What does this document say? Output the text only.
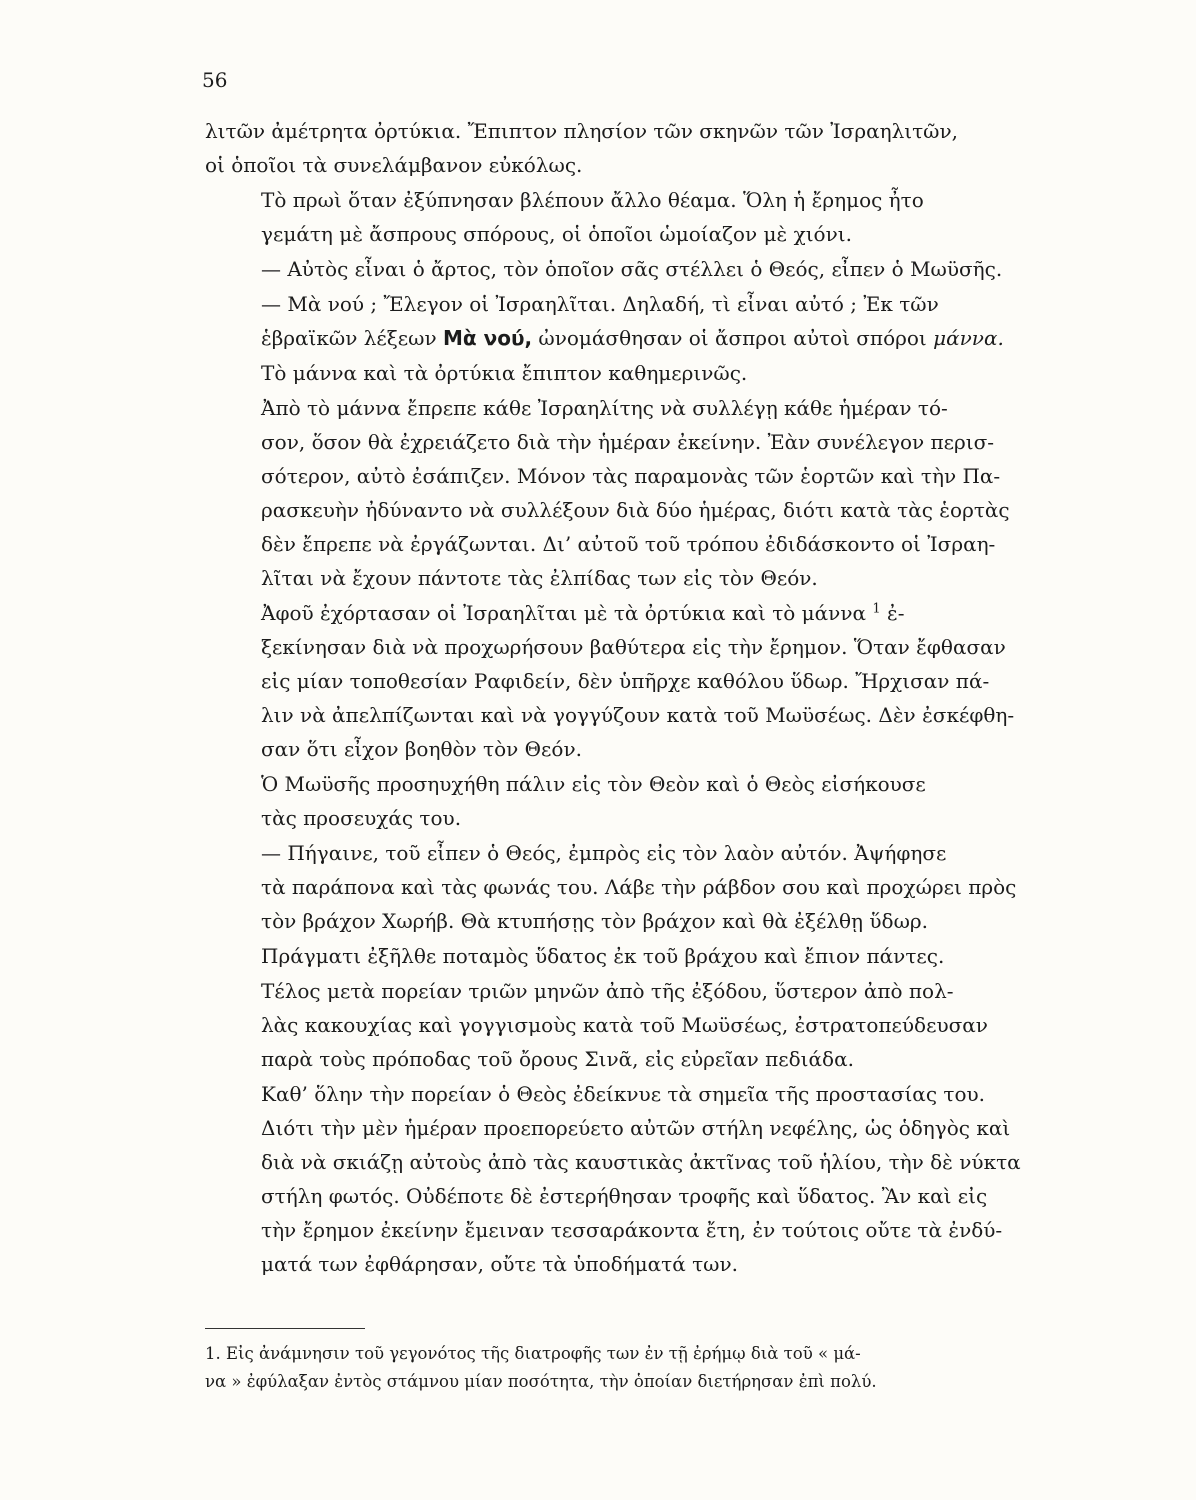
56

λιτῶν ἀμέτρητα ὀρτύκια. Ἔπιπτον πλησίον τῶν σκηνῶν τῶν Ἰσραηλιτῶν,
οἱ ὁποῖοι τὰ συνελάμβανον εὐκόλως.

Τὸ πρωὶ ὅταν ἐξύπνησαν βλέπουν ἄλλο θέαμα. Ὅλη ἡ ἔρημος ἦτο
γεμάτη μὲ ἄσπρους σπόρους, οἱ ὁποῖοι ὡμοίαζον μὲ χιόνι.

— Αὐτὸς εἶναι ὁ ἄρτος, τὸν ὁποῖον σᾶς στέλλει ὁ Θεός, εἶπεν ὁ Μωϋσῆς.

— Μὰ νού ; Ἔλεγον οἱ Ἰσραηλῖται. Δηλαδή, τὶ εἶναι αὐτό ; Ἐκ τῶν
ἑβραϊκῶν λέξεων Μὰ νού, ὠνομάσθησαν οἱ ἄσπροι αὐτοὶ σπόροι μάννα.

Τὸ μάννα καὶ τὰ ὀρτύκια ἔπιπτον καθημερινῶς.

Ἀπὸ τὸ μάννα ἔπρεπε κάθε Ἰσραηλίτης νὰ συλλέγῃ κάθε ἡμέραν τό-
σον, ὅσον θὰ ἐχρειάζετο διὰ τὴν ἡμέραν ἐκείνην. Ἐὰν συνέλεγον περισ-
σότερον, αὐτὸ ἐσάπιζεν. Μόνον τὰς παραμονὰς τῶν ἑορτῶν καὶ τὴν Πα-
ρασκευὴν ἠδύναντο νὰ συλλέξουν διὰ δύο ἡμέρας, διότι κατὰ τὰς ἑορτὰς
δὲν ἔπρεπε νὰ ἐργάζωνται. Δι’ αὐτοῦ τοῦ τρόπου ἐδιδάσκοντο οἱ Ἰσραη-
λῖται νὰ ἔχουν πάντοτε τὰς ἐλπίδας των εἰς τὸν Θεόν.

Ἀφοῦ ἐχόρτασαν οἱ Ἰσραηλῖται μὲ τὰ ὀρτύκια καὶ τὸ μάννα $^1$ ἐ-
ξεκίνησαν διὰ νὰ προχωρήσουν βαθύτερα εἰς τὴν ἔρημον. Ὅταν ἔφθασαν
εἰς μίαν τοποθεσίαν Ραφιδείν, δὲν ὑπῆρχε καθόλου ὕδωρ. Ἤρχισαν πά-
λιν νὰ ἀπελπίζωνται καὶ νὰ γογγύζουν κατὰ τοῦ Μωϋσέως. Δὲν ἐσκέφθη-
σαν ὅτι εἶχον βοηθὸν τὸν Θεόν.

Ὁ Μωϋσῆς προσηυχήθη πάλιν εἰς τὸν Θεὸν καὶ ὁ Θεὸς εἰσήκουσε
τὰς προσευχάς του.

— Πήγαινε, τοῦ εἶπεν ὁ Θεός, ἐμπρὸς εἰς τὸν λαὸν αὐτόν. Ἀψήφησε
τὰ παράπονα καὶ τὰς φωνάς του. Λάβε τὴν ράβδον σου καὶ προχώρει πρὸς
τὸν βράχον Χωρήβ. Θὰ κτυπήσῃς τὸν βράχον καὶ θὰ ἐξέλθῃ ὕδωρ.

Πράγματι ἐξῆλθε ποταμὸς ὕδατος ἐκ τοῦ βράχου καὶ ἔπιον πάντες.

Τέλος μετὰ πορείαν τριῶν μηνῶν ἀπὸ τῆς ἐξόδου, ὕστερον ἀπὸ πολ-
λὰς κακουχίας καὶ γογγισμοὺς κατὰ τοῦ Μωϋσέως, ἐστρατοπεύδευσαν
παρὰ τοὺς πρόποδας τοῦ ὄρους Σινᾶ, εἰς εὐρεῖαν πεδιάδα.

Καθ’ ὅλην τὴν πορείαν ὁ Θεὸς ἐδείκνυε τὰ σημεῖα τῆς προστασίας του.
Διότι τὴν μὲν ἡμέραν προεπορεύετο αὐτῶν στήλη νεφέλης, ὡς ὁδηγὸς καὶ
διὰ νὰ σκιάζῃ αὐτοὺς ἀπὸ τὰς καυστικὰς ἀκτῖνας τοῦ ἡλίου, τὴν δὲ νύκτα
στήλη φωτός. Οὐδέποτε δὲ ἐστερήθησαν τροφῆς καὶ ὕδατος. Ἂν καὶ εἰς
τὴν ἔρημον ἐκείνην ἔμειναν τεσσαράκοντα ἔτη, ἐν τούτοις οὔτε τὰ ἐνδύ-
ματά των ἐφθάρησαν, οὔτε τὰ ὑποδήματά των.

1. Εἰς ἀνάμνησιν τοῦ γεγονότος τῆς διατροφῆς των ἐν τῇ ἐρήμῳ διὰ τοῦ « μά-
να » ἐφύλαξαν ἐντὸς στάμνου μίαν ποσότητα, τὴν ὁποίαν διετήρησαν ἐπὶ πολύ.
